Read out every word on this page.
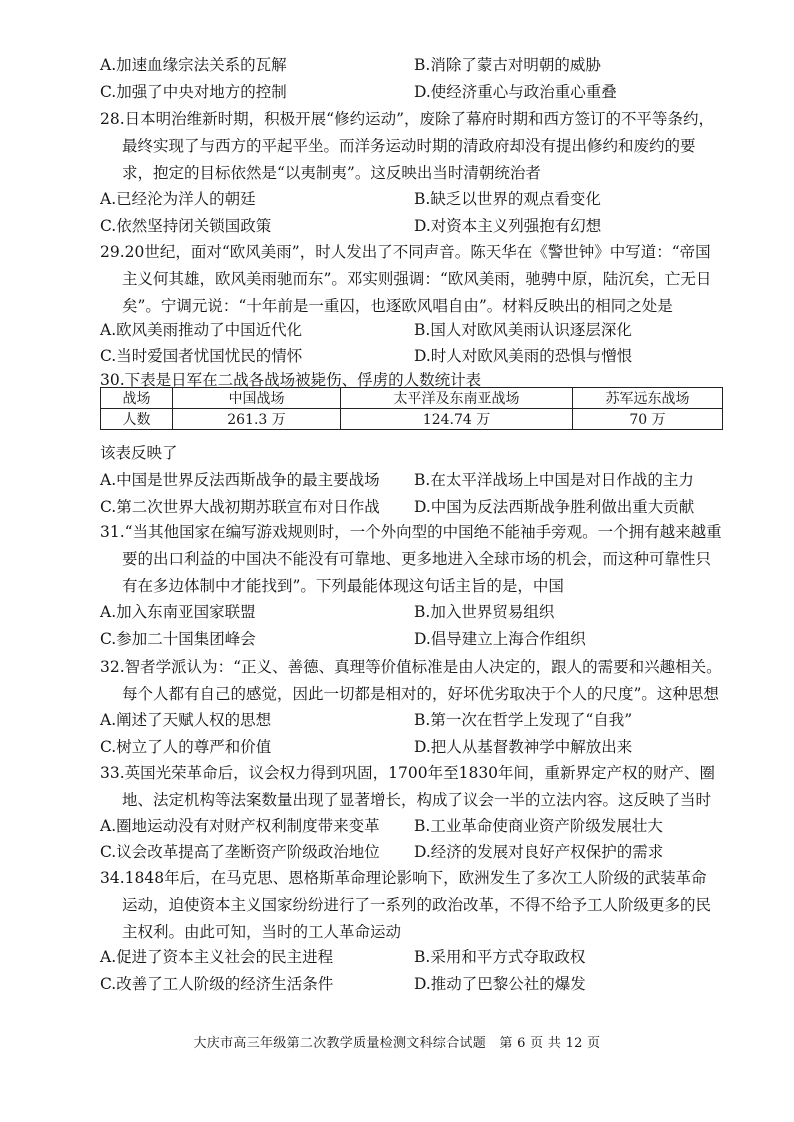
A.加速血缘宗法关系的瓦解	B.消除了蒙古对明朝的威胁
C.加强了中央对地方的控制	D.使经济重心与政治重心重叠
28.日本明治维新时期，积极开展“修约运动”，废除了幕府时期和西方签订的不平等条约，最终实现了与西方的平起平坐。而洋务运动时期的清政府却没有提出修约和废约的要求，抱定的目标依然是“以夷制夷”。这反映出当时清朝统治者
A.已经沦为洋人的朝廷	B.缺乏以世界的观点看变化
C.依然坚持闭关锁国政策	D.对资本主义列强抱有幻想
29.20世纪，面对“欧风美雨”，时人发出了不同声音。陈天华在《警世钟》中写道：“帝国主义何其雄，欧风美雨驰而东”。邓实则强调：“欧风美雨，驰骋中原，陆沉矣，亡无日矣”。宁调元说：“十年前是一重囚，也逐欧风唱自由”。材料反映出的相同之处是
A.欧风美雨推动了中国近代化	B.国人对欧风美雨认识逐层深化
C.当时爱国者忧国忧民的情怀	D.时人对欧风美雨的恐惧与憎恨
30.下表是日军在二战各战场被毙伤、俘虏的人数统计表
战场	中国战场	太平洋及东南亚战场	苏军远东战场
人数	261.3 万	124.74 万	70 万
该表反映了
A.中国是世界反法西斯战争的最主要战场 B.在太平洋战场上中国是对日作战的主力
C.第二次世界大战初期苏联宣布对日作战 D.中国为反法西斯战争胜利做出重大贡献
31.“当其他国家在编写游戏规则时，一个外向型的中国绝不能袖手旁观。一个拥有越来越重要的出口利益的中国决不能没有可靠地、更多地进入全球市场的机会，而这种可靠性只有在多边体制中才能找到”。下列最能体现这句话主旨的是，中国
A.加入东南亚国家联盟	B.加入世界贸易组织
C.参加二十国集团峰会	D.倡导建立上海合作组织
32.智者学派认为：“正义、善德、真理等价值标准是由人决定的，跟人的需要和兴趣相关。每个人都有自己的感觉，因此一切都是相对的，好坏优劣取决于个人的尺度”。这种思想
A.阐述了天赋人权的思想	B.第一次在哲学上发现了“自我”
C.树立了人的尊严和价值	D.把人从基督教神学中解放出来
33.英国光荣革命后，议会权力得到巩固，1700年至1830年间，重新界定产权的财产、圈地、法定机构等法案数量出现了显著增长，构成了议会一半的立法内容。这反映了当时
A.圈地运动没有对财产权利制度带来变革 B.工业革命使商业资产阶级发展壮大
C.议会改革提高了垄断资产阶级政治地位 D.经济的发展对良好产权保护的需求
34.1848年后，在马克思、恩格斯革命理论影响下，欧洲发生了多次工人阶级的武装革命运动，迫使资本主义国家纷纷进行了一系列的政治改革，不得不给予工人阶级更多的民主权利。由此可知，当时的工人革命运动
A.促进了资本主义社会的民主进程	B.采用和平方式夺取政权
C.改善了工人阶级的经济生活条件	D.推动了巴黎公社的爆发
大庆市高三年级第二次教学质量检测文科综合试题　第 6 页 共 12 页
